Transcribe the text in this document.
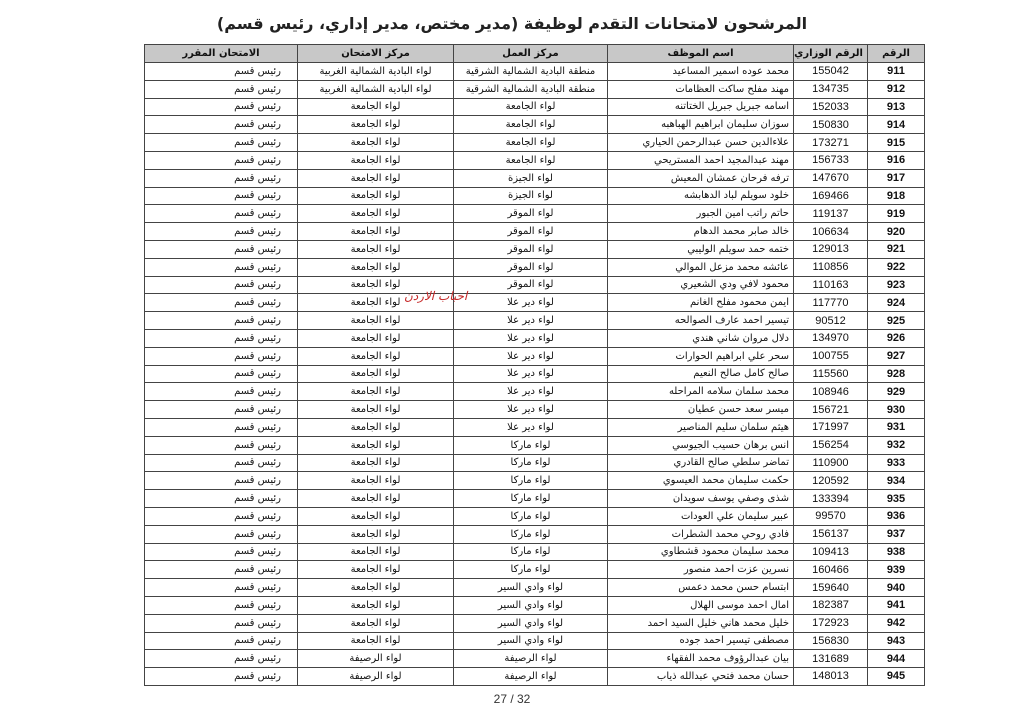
المرشحون لامتحانات التقدم لوظيفة (مدير مختص، مدير إداري، رئيس قسم)
الرقم	الرقم الوزاري	اسم الموظف	مركز العمل	مركز الامتحان	الامتحان المقرر
911	155042	محمد عوده اسمير المساعيد	منطقة البادية الشمالية الشرقية	لواء البادية الشمالية الغربية	رئيس قسم
912	134735	مهند مفلح ساكت العظامات	منطقة البادية الشمالية الشرقية	لواء البادية الشمالية الغربية	رئيس قسم
913	152033	اسامه جبريل جبريل الختاتنه	لواء الجامعة	لواء الجامعة	رئيس قسم
914	150830	سوزان سليمان ابراهيم الهباهبه	لواء الجامعة	لواء الجامعة	رئيس قسم
915	173271	علاءالدين حسن عبدالرحمن الحياري	لواء الجامعة	لواء الجامعة	رئيس قسم
916	156733	مهند عبدالمجيد احمد المستريحي	لواء الجامعة	لواء الجامعة	رئيس قسم
917	147670	ترفه فرحان عمشان المعيش	لواء الجيزة	لواء الجامعة	رئيس قسم
918	169466	خلود سويلم لباد الدهابشه	لواء الجيزة	لواء الجامعة	رئيس قسم
919	119137	حاتم راتب امين الجبور	لواء الموقر	لواء الجامعة	رئيس قسم
920	106634	خالد صابر محمد الدهام	لواء الموقر	لواء الجامعة	رئيس قسم
921	129013	ختمه حمد سويلم الوليبي	لواء الموقر	لواء الجامعة	رئيس قسم
922	110856	عائشه محمد مزعل الموالي	لواء الموقر	لواء الجامعة	رئيس قسم
923	110163	محمود لافي ودي الشعيري	لواء الموقر	لواء الجامعة	رئيس قسم
924	117770	ايمن محمود مفلح الغانم	لواء دير علا	لواء الجامعة	رئيس قسم
925	90512	تيسير احمد عارف الصوالحه	لواء دير علا	لواء الجامعة	رئيس قسم
926	134970	دلال مروان شاني هندي	لواء دير علا	لواء الجامعة	رئيس قسم
927	100755	سحر علي ابراهيم الحوارات	لواء دير علا	لواء الجامعة	رئيس قسم
928	115560	صالح كامل صالح النعيم	لواء دير علا	لواء الجامعة	رئيس قسم
929	108946	محمد سلمان سلامه المراحله	لواء دير علا	لواء الجامعة	رئيس قسم
930	156721	ميسر سعد حسن عطيان	لواء دير علا	لواء الجامعة	رئيس قسم
931	171997	هيثم سلمان سليم المناصير	لواء دير علا	لواء الجامعة	رئيس قسم
932	156254	انس برهان حسيب الجيوسي	لواء ماركا	لواء الجامعة	رئيس قسم
933	110900	تماضر سلطي صالح القادري	لواء ماركا	لواء الجامعة	رئيس قسم
934	120592	حكمت سليمان محمد العيسوي	لواء ماركا	لواء الجامعة	رئيس قسم
935	133394	شذى وصفي يوسف سويدان	لواء ماركا	لواء الجامعة	رئيس قسم
936	99570	عبير سليمان علي العودات	لواء ماركا	لواء الجامعة	رئيس قسم
937	156137	فادي روحي محمد الشطرات	لواء ماركا	لواء الجامعة	رئيس قسم
938	109413	محمد سليمان محمود قشطاوي	لواء ماركا	لواء الجامعة	رئيس قسم
939	160466	نسرين عزت احمد منصور	لواء ماركا	لواء الجامعة	رئيس قسم
940	159640	ابتسام حسن محمد دعمس	لواء وادي السير	لواء الجامعة	رئيس قسم
941	182387	امال احمد موسى الهلال	لواء وادي السير	لواء الجامعة	رئيس قسم
942	172923	خليل محمد هاني خليل السيد احمد	لواء وادي السير	لواء الجامعة	رئيس قسم
943	156830	مصطفى تيسير احمد جوده	لواء وادي السير	لواء الجامعة	رئيس قسم
944	131689	بيان عبدالرؤوف محمد الفقهاء	لواء الرصيفة	لواء الرصيفة	رئيس قسم
945	148013	حسان محمد فتحي عبدالله ذياب	لواء الرصيفة	لواء الرصيفة	رئيس قسم
احباب الاردن
27 / 32
